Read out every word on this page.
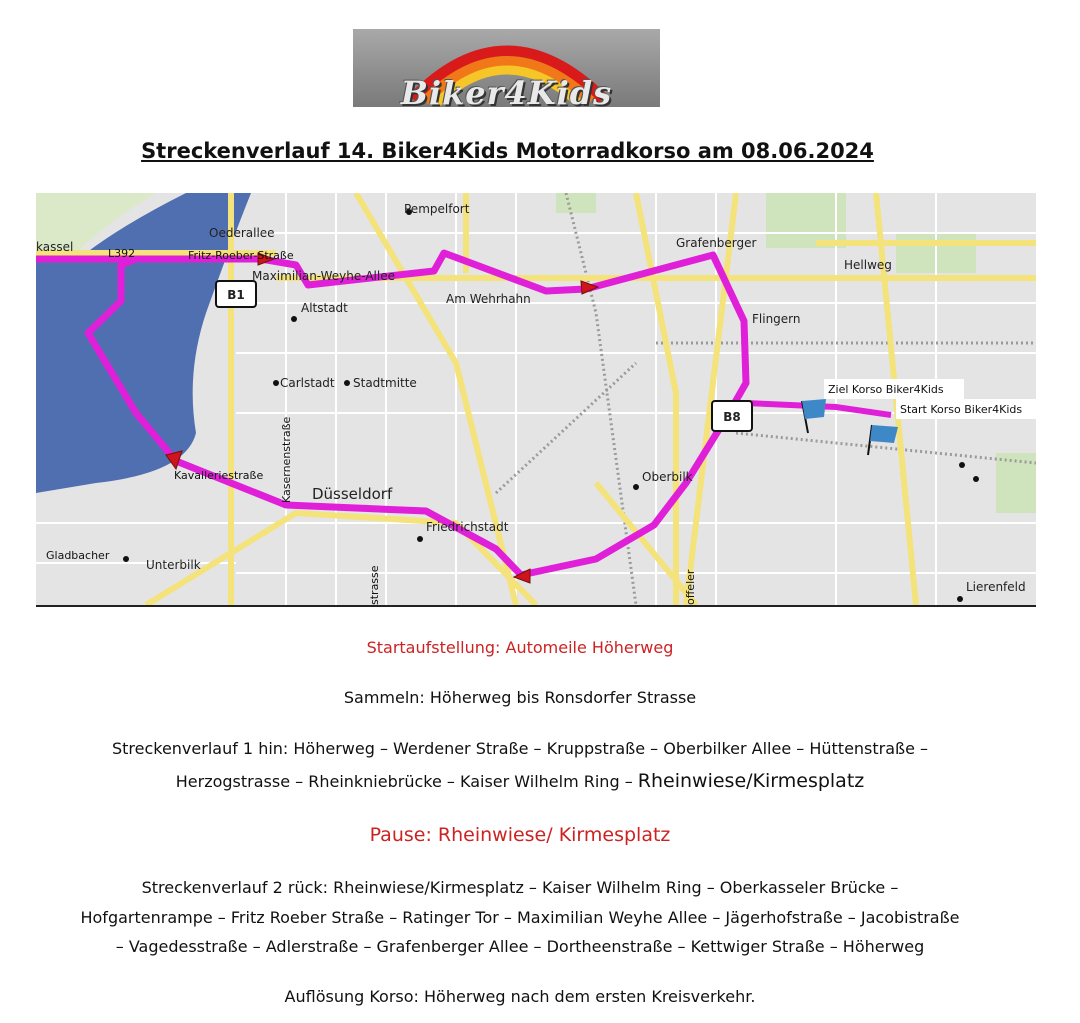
Biker4Kids
Streckenverlauf 14. Biker4Kids Motorradkorso am 08.06.2024
B1
B8
Pempelfort
kassel
Oederallee
L392	Fritz-Roeber-Straße
Maximilian-Weyhe-Allee
Altstadt
Grafenberger
Hellweg
Am Wehrhahn
Flingern
Carlstadt Stadtmitte	Ziel Korso Biker4Kids
Start Korso Biker4Kids
Kavalleriestraße Kasernenstraße Düsseldorf
Oberbilk
Friedrichstadt
Gladbacher
Unterbilk
Lierenfeld
strasse	offeler

Startaufstellung: Automeile Höherweg

Sammeln: Höherweg bis Ronsdorfer Strasse

Streckenverlauf 1 hin: Höherweg – Werdener Straße – Kruppstraße – Oberbilker Allee – Hüttenstraße –

Herzogstrasse – Rheinkniebrücke – Kaiser Wilhelm Ring – Rheinwiese/Kirmesplatz

Pause: Rheinwiese/ Kirmesplatz

Streckenverlauf 2 rück: Rheinwiese/Kirmesplatz – Kaiser Wilhelm Ring – Oberkasseler Brücke –

Hofgartenrampe – Fritz Roeber Straße – Ratinger Tor – Maximilian Weyhe Allee – Jägerhofstraße – Jacobistraße

– Vagedesstraße – Adlerstraße – Grafenberger Allee – Dortheenstraße – Kettwiger Straße – Höherweg

Auflösung Korso: Höherweg nach dem ersten Kreisverkehr.
